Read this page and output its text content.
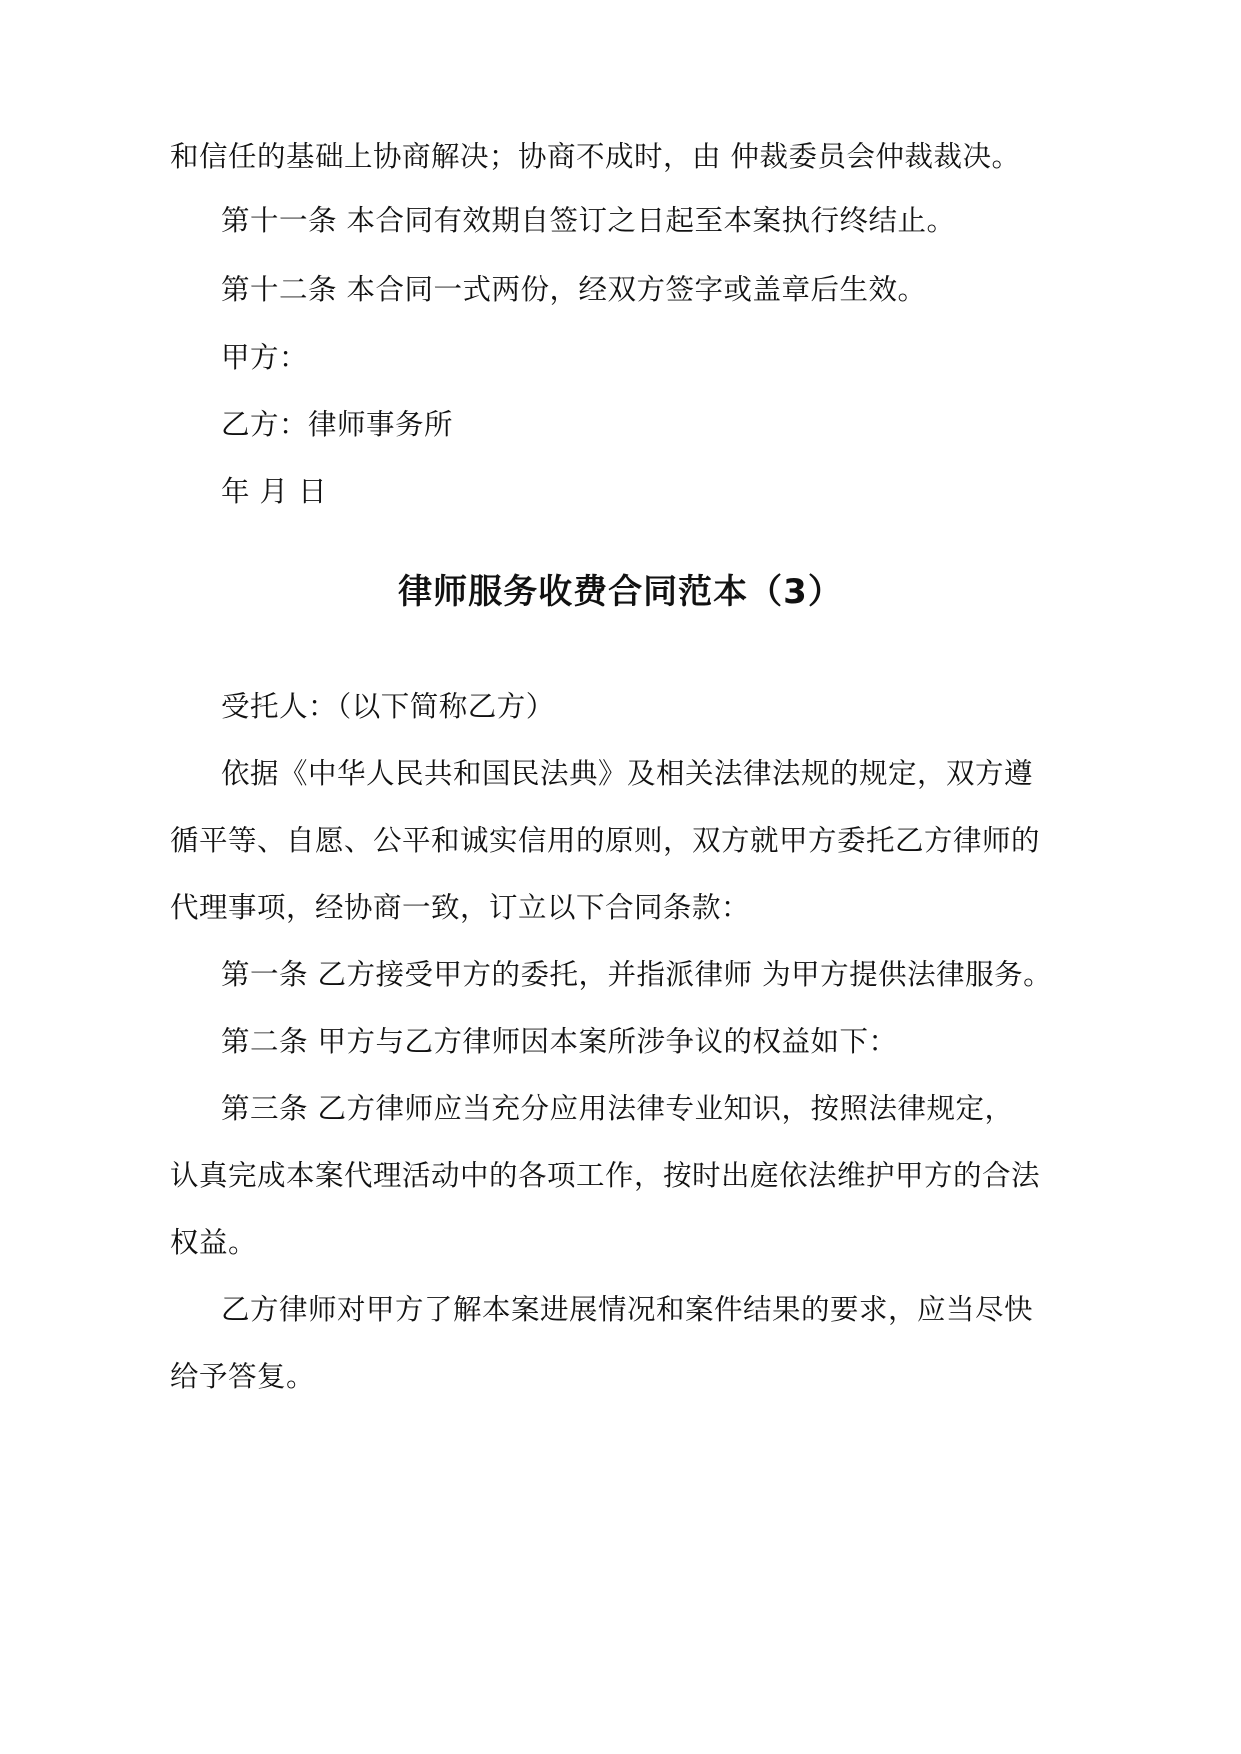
和信任的基础上协商解决；协商不成时，由 仲裁委员会仲裁裁决。
第十一条 本合同有效期自签订之日起至本案执行终结止。
第十二条 本合同一式两份，经双方签字或盖章后生效。
甲方：
乙方：律师事务所
年 月 日
律师服务收费合同范本（3）
受托人：（以下简称乙方）
依据《中华人民共和国民法典》及相关法律法规的规定，双方遵
循平等、自愿、公平和诚实信用的原则，双方就甲方委托乙方律师的
代理事项，经协商一致，订立以下合同条款：
第一条 乙方接受甲方的委托，并指派律师 为甲方提供法律服务。
第二条 甲方与乙方律师因本案所涉争议的权益如下：
第三条 乙方律师应当充分应用法律专业知识，按照法律规定，
认真完成本案代理活动中的各项工作，按时出庭依法维护甲方的合法
权益。
乙方律师对甲方了解本案进展情况和案件结果的要求，应当尽快
给予答复。
